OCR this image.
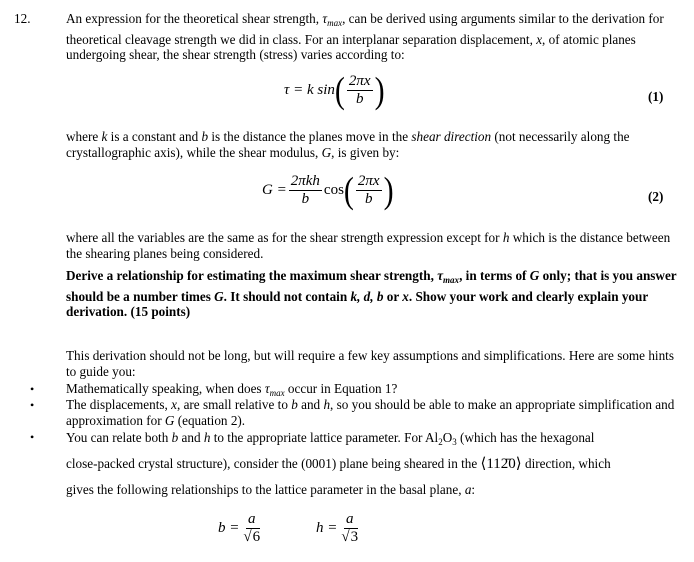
12.	An expression for the theoretical shear strength, $\tau_{max}$, can be derived using arguments similar to the derivation for theoretical cleavage strength we did in class. For an interplanar separation displacement, x, of atomic planes undergoing shear, the shear strength (stress) varies according to:
τ = k $\sin( \frac{2\pi x}{b}$ )	(1)
where k is a constant and b is the distance the planes move in the shear direction (not necessarily along the crystallographic axis), while the shear modulus, G, is given by:
$G = \frac{\text{2πkh}}{b} \cos( \frac{2\pi x}{b}$ )	(2)
where all the variables are the same as for the shear strength expression except for h which is the distance between the shearing planes being considered.
Derive a relationship for estimating the maximum shear strength, $\tau_{max}$, in terms of G only; that is you answer should be a number times G. It should not contain k, d, b or x. Show your work and clearly explain your derivation. (15 points)
This derivation should not be long, but will require a few key assumptions and simplifications. Here are some hints to guide you:
•
•
•
Mathematically speaking, when does $\tau_{max}$ occur in Equation 1?
The displacements, x, are small relative to b and h, so you should be able to make an appropriate simplification and approximation for G (equation 2).
You can relate both b and h to the appropriate lattice parameter. For $Al_2O_3$ (which has the hexagonal
close-packed crystal structure), consider the (0001) plane being sheared in the ⟨112̄0⟩ direction, which
gives the following relationships to the lattice parameter in the basal plane, a:
$b = \frac{a}{√6}$	$h = \frac{a}{√3}$
